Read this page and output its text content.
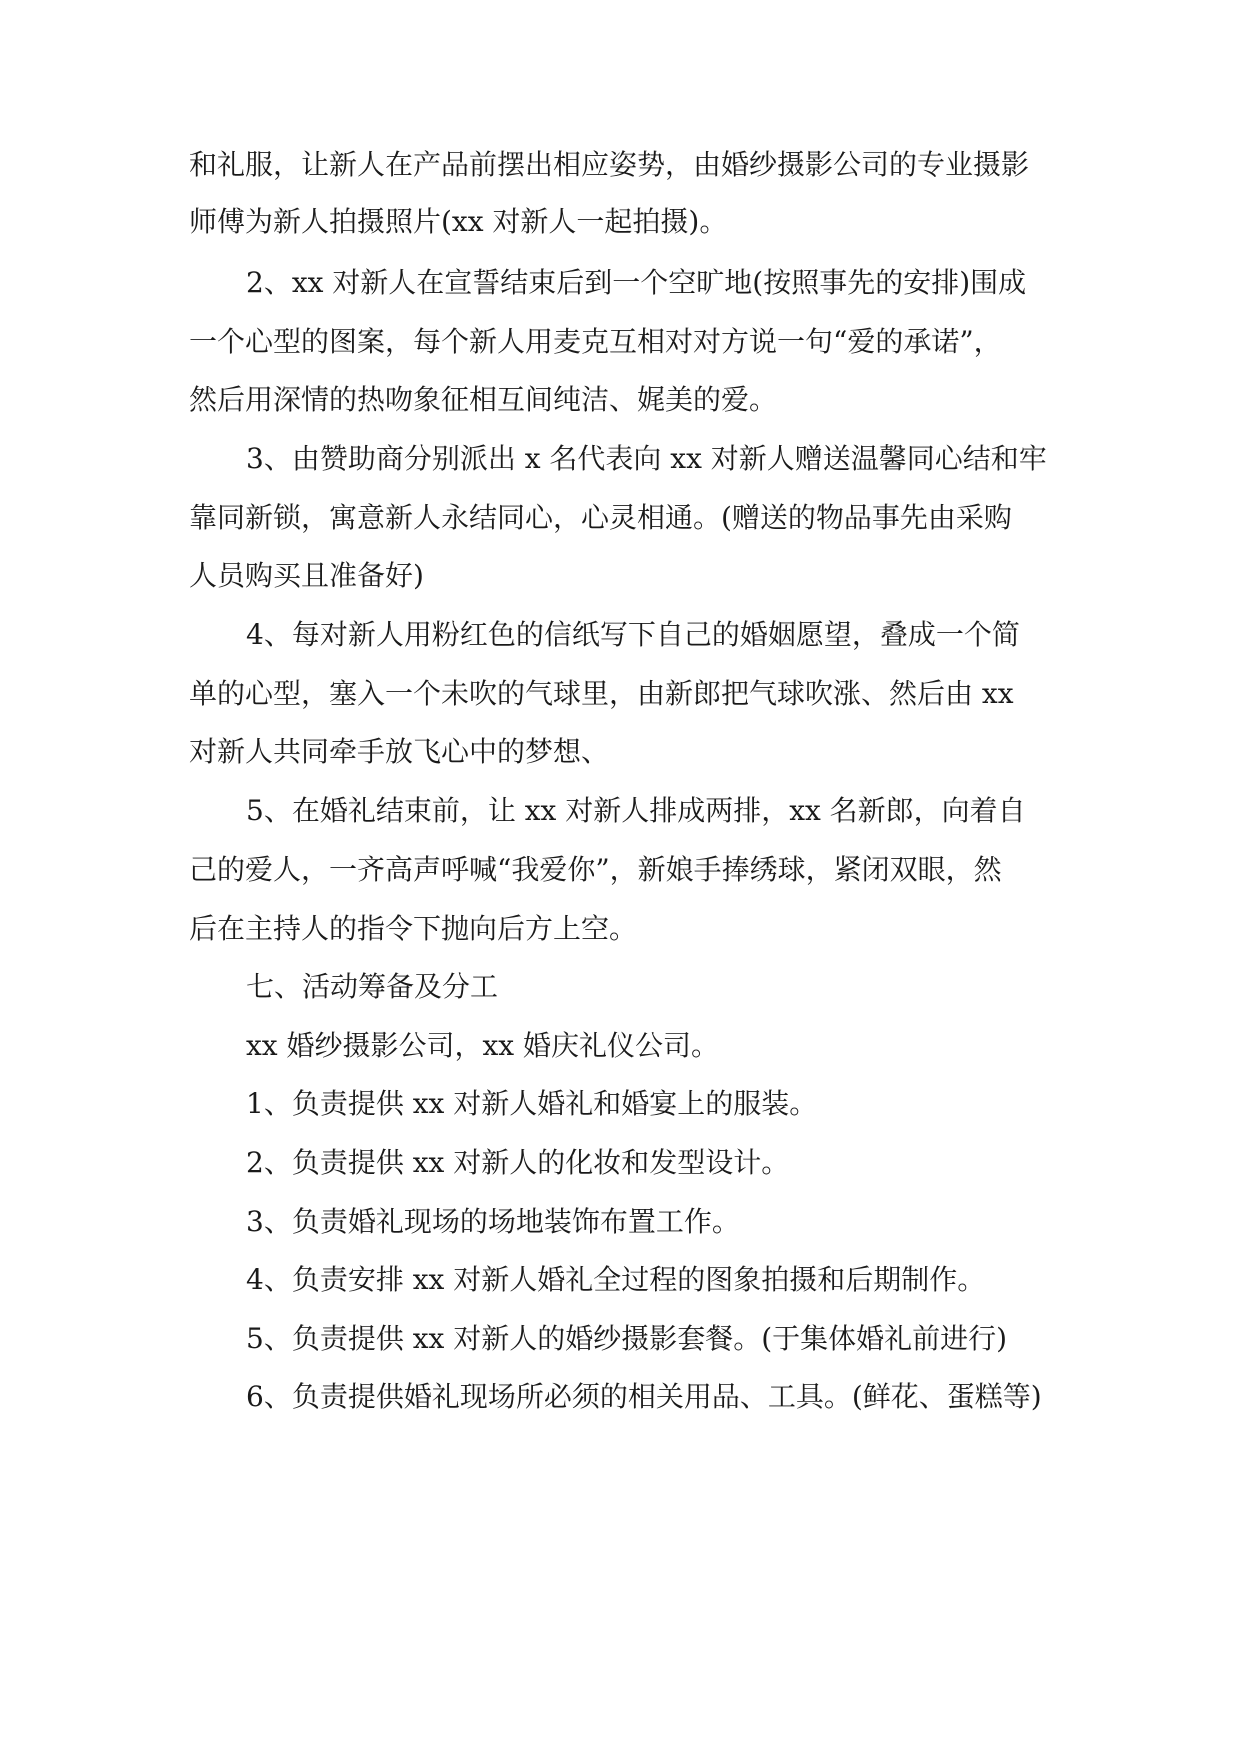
和礼服，让新人在产品前摆出相应姿势，由婚纱摄影公司的专业摄影
师傅为新人拍摄照片(xx 对新人一起拍摄)。
2、xx 对新人在宣誓结束后到一个空旷地(按照事先的安排)围成
一个心型的图案，每个新人用麦克互相对对方说一句“爱的承诺”，
然后用深情的热吻象征相互间纯洁、娓美的爱。
3、由赞助商分别派出 x 名代表向 xx 对新人赠送温馨同心结和牢
靠同新锁，寓意新人永结同心，心灵相通。(赠送的物品事先由采购
人员购买且准备好)
4、每对新人用粉红色的信纸写下自己的婚姻愿望，叠成一个简
单的心型，塞入一个未吹的气球里，由新郎把气球吹涨、然后由 xx
对新人共同牵手放飞心中的梦想、
5、在婚礼结束前，让 xx 对新人排成两排，xx 名新郎，向着自
己的爱人，一齐高声呼喊“我爱你”，新娘手捧绣球，紧闭双眼，然
后在主持人的指令下抛向后方上空。
七、活动筹备及分工
xx 婚纱摄影公司，xx 婚庆礼仪公司。
1、负责提供 xx 对新人婚礼和婚宴上的服装。
2、负责提供 xx 对新人的化妆和发型设计。
3、负责婚礼现场的场地装饰布置工作。
4、负责安排 xx 对新人婚礼全过程的图象拍摄和后期制作。
5、负责提供 xx 对新人的婚纱摄影套餐。(于集体婚礼前进行)
6、负责提供婚礼现场所必须的相关用品、工具。(鲜花、蛋糕等)
